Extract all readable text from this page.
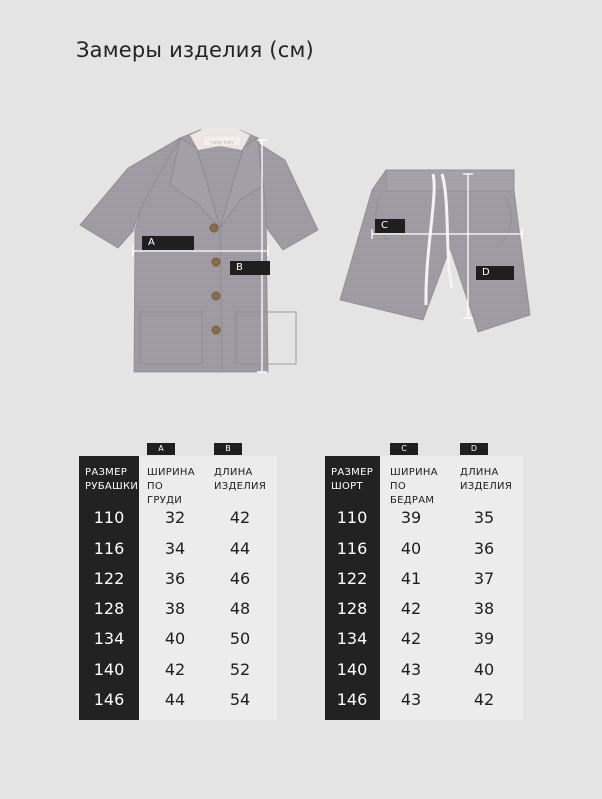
Замеры изделия (см)
happy baby
A
B
C
D
РАЗМЕР
РУБАШКИ
A
ШИРИНА
ПО ГРУДИ
B
ДЛИНА
ИЗДЕЛИЯ
110	32	42
116	34	44
122	36	46
128	38	48
134	40	50
140	42	52
146	44	54
РАЗМЕР
ШОРТ
C
ШИРИНА
ПО БЕДРАМ
D
ДЛИНА
ИЗДЕЛИЯ
110	39	35
116	40	36
122	41	37
128	42	38
134	42	39
140	43	40
146	43	42
